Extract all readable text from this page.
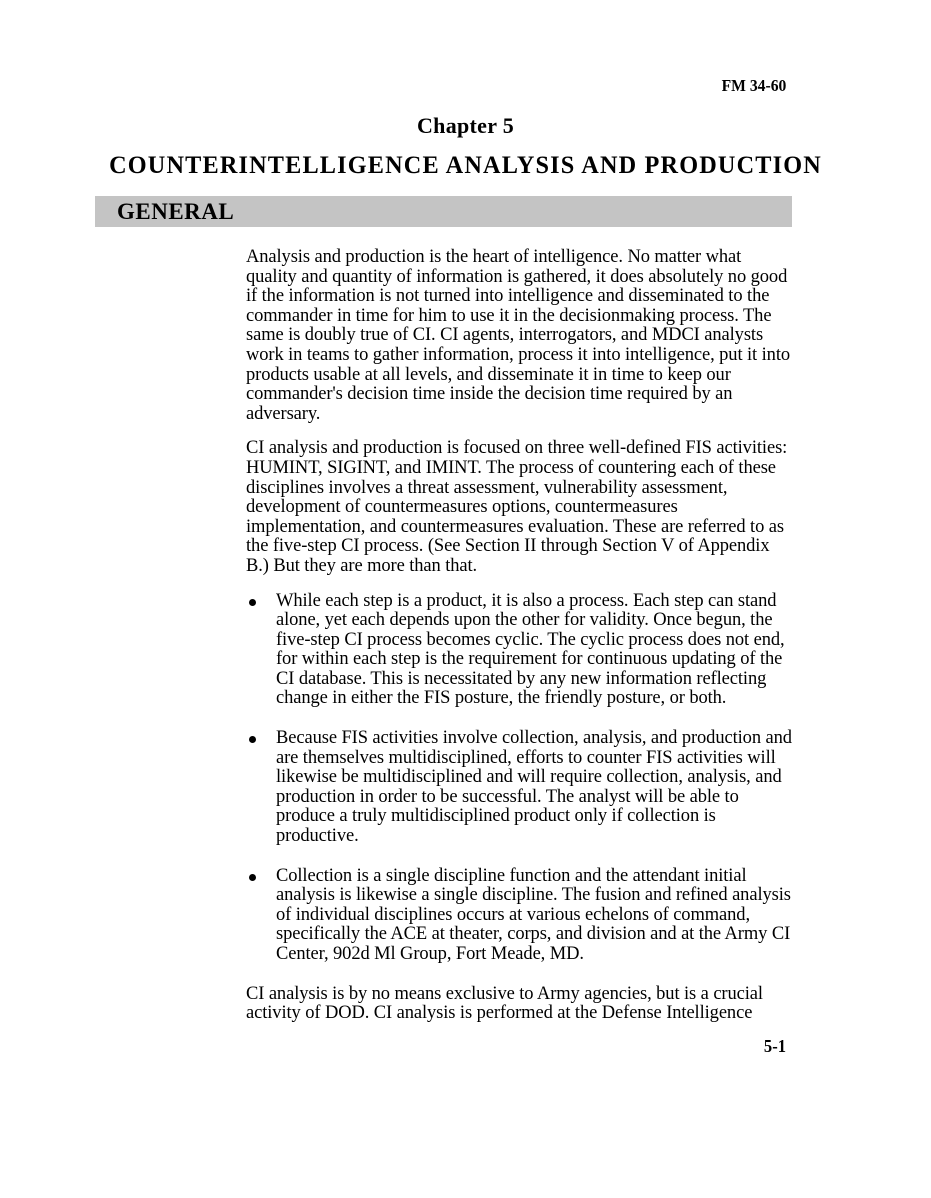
FM 34-60
Chapter 5
COUNTERINTELLIGENCE ANALYSIS AND PRODUCTION
GENERAL

Analysis and production is the heart of intelligence. No matter what quality and quantity of information is gathered, it does absolutely no good if the information is not turned into intelligence and disseminated to the commander in time for him to use it in the decisionmaking process. The same is doubly true of CI. CI agents, interrogators, and MDCI analysts work in teams to gather information, process it into intelligence, put it into products usable at all levels, and disseminate it in time to keep our commander's decision time inside the decision time required by an adversary.

CI analysis and production is focused on three well-defined FIS activities: HUMINT, SIGINT, and IMINT. The process of countering each of these disciplines involves a threat assessment, vulnerability assessment, development of countermeasures options, countermeasures implementation, and countermeasures evaluation. These are referred to as the five-step CI process. (See Section II through Section V of Appendix B.) But they are more than that.

While each step is a product, it is also a process. Each step can stand alone, yet each depends upon the other for validity. Once begun, the five-step CI process becomes cyclic. The cyclic process does not end, for within each step is the requirement for continuous updating of the CI database. This is necessitated by any new information reflecting change in either the FIS posture, the friendly posture, or both.
Because FIS activities involve collection, analysis, and production and are themselves multidisciplined, efforts to counter FIS activities will likewise be multidisciplined and will require collection, analysis, and production in order to be successful. The analyst will be able to produce a truly multidisciplined product only if collection is productive.
Collection is a single discipline function and the attendant initial analysis is likewise a single discipline. The fusion and refined analysis of individual disciplines occurs at various echelons of command, specifically the ACE at theater, corps, and division and at the Army CI Center, 902d Ml Group, Fort Meade, MD.

CI analysis is by no means exclusive to Army agencies, but is a crucial activity of DOD. CI analysis is performed at the Defense Intelligence

5-1
